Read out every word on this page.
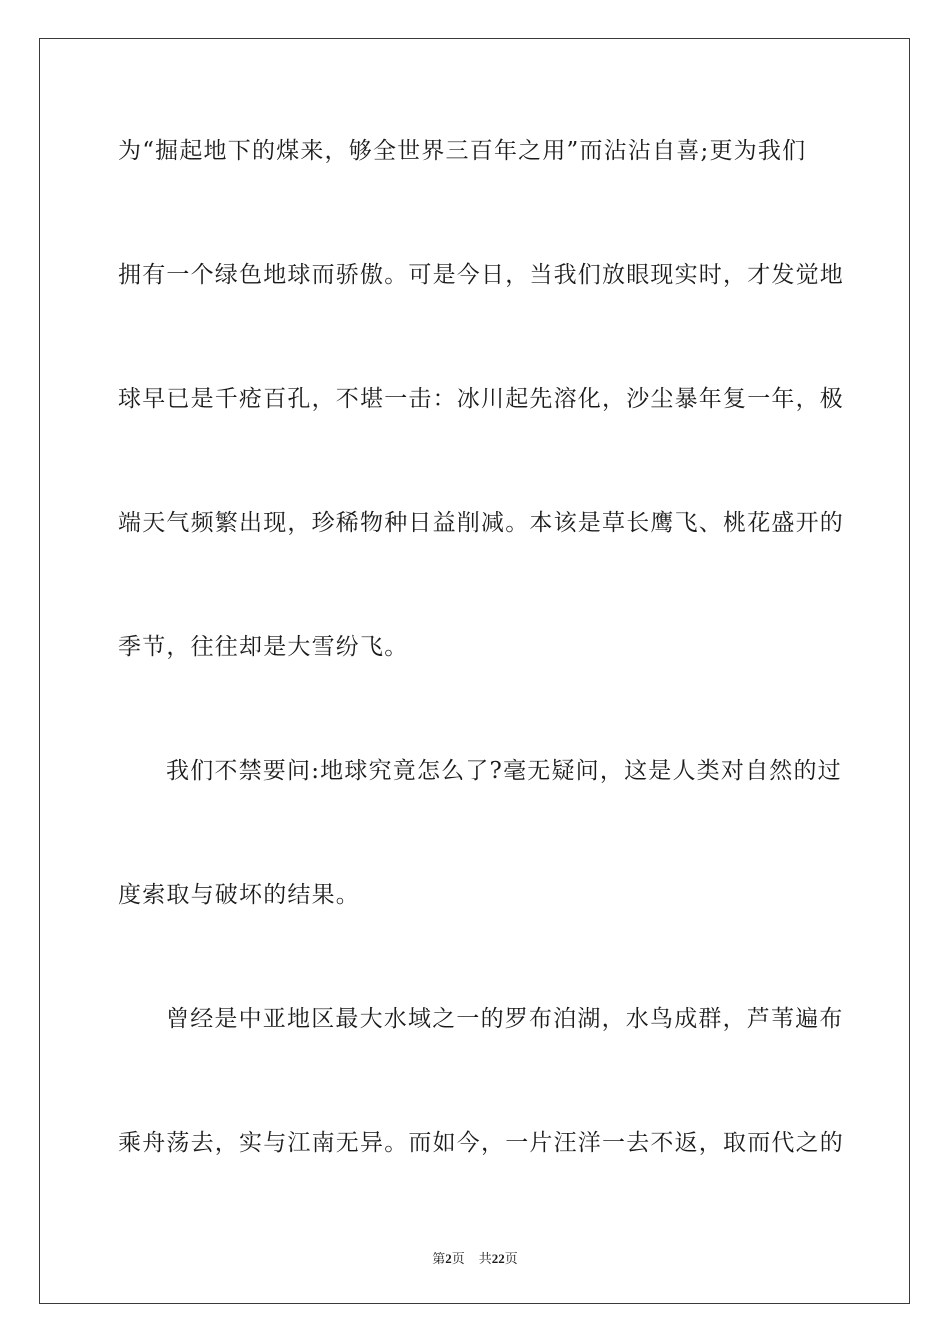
为“掘起地下的煤来，够全世界三百年之用”而沾沾自喜;更为我们
拥有一个绿色地球而骄傲。可是今日，当我们放眼现实时，才发觉地
球早已是千疮百孔，不堪一击：冰川起先溶化，沙尘暴年复一年，极
端天气频繁出现，珍稀物种日益削减。本该是草长鹰飞、桃花盛开的
季节，往往却是大雪纷飞。
我们不禁要问:地球究竟怎么了?毫无疑问，这是人类对自然的过
度索取与破坏的结果。
曾经是中亚地区最大水域之一的罗布泊湖，水鸟成群，芦苇遍布
乘舟荡去，实与江南无异。而如今，一片汪洋一去不返，取而代之的
第2页 共22页
